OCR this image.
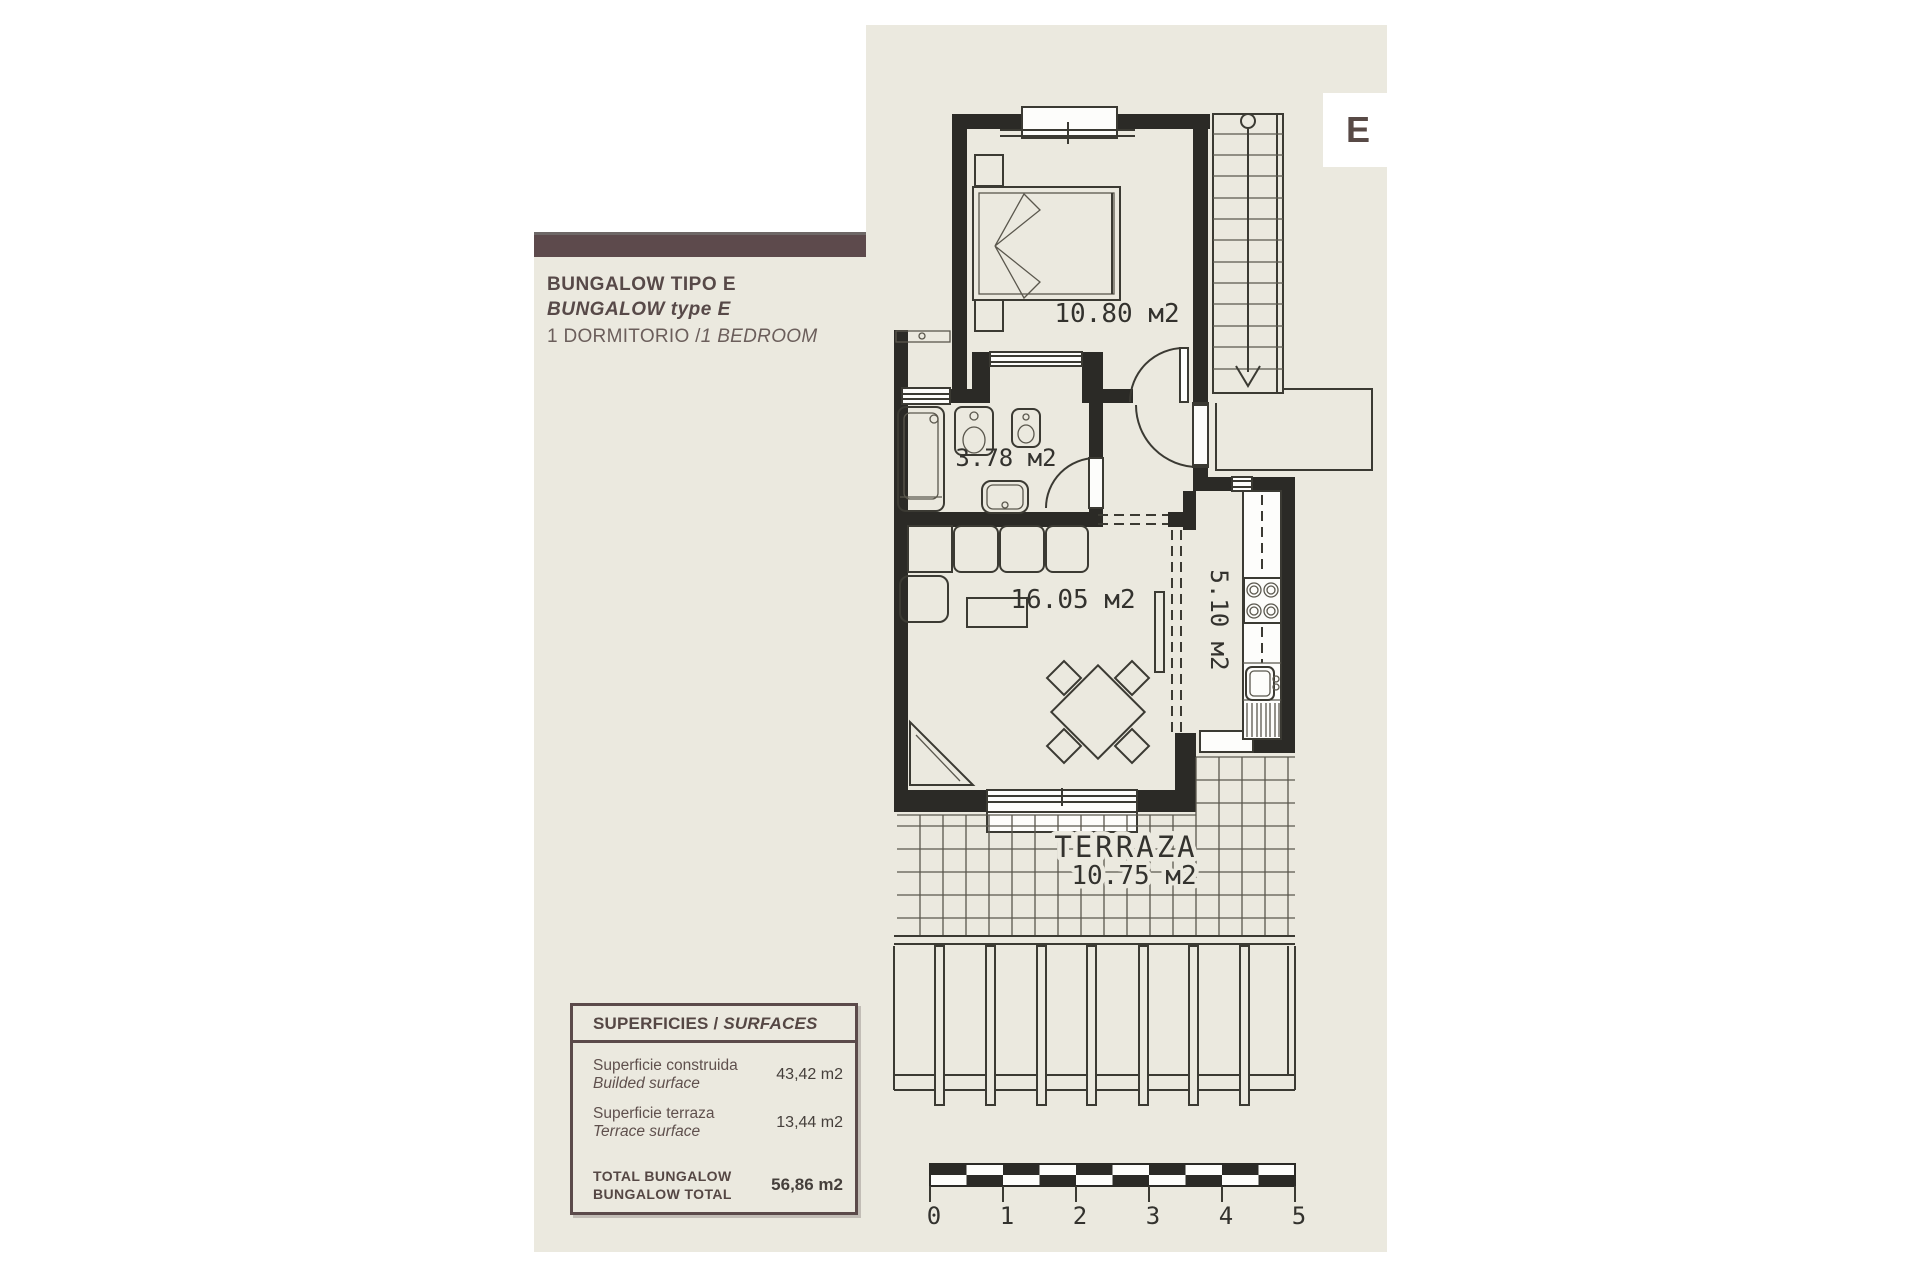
BUNGALOW TIPO E
BUNGALOW type E
1 DORMITORIO /1 BEDROOM
E
0 1 2 3 4 5
10.80 м2
3.78 м2
16.05 м2	5.10 м2
TERRAZA
10.75 м2
SUPERFICIES / SURFACES
Superficie construida
Builded surface
43,42 m2
Superficie terraza
Terrace surface
13,44 m2
TOTAL BUNGALOW
BUNGALOW TOTAL 56,86 m2
